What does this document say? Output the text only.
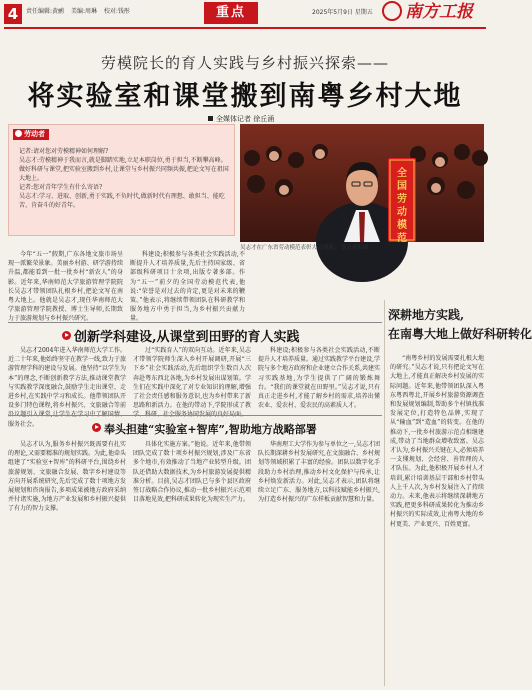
4	责任编辑:黄鹂 美编:周琳 校对:钱彤	重点	2025年5月9日 星期五	南方工报
劳模院长的育人实践与乡村振兴探索——
将实验室和课堂搬到南粤乡村大地
全媒体记者 徐丘涌
劳动者

记者:请对您对劳模精神如何理解?

吴志才:劳模精神于我而言,就是脚踏实地,立足本职岗位,勇于担当,不断攀高峰。做好科研与课堂,把实验室搬到乡村,让课堂与乡村振兴同频共振,把论文写在祖国大地上。

记者:您对青年学生有什么寄语?

吴志才:学习、进取、创新,勇于实践,不负时代,做新时代有理想、敢担当、能吃苦、肯奋斗的好青年。

全
国
劳
动
模
范
吴志才在广东省劳动模范表彰大会现场。 受访者供图

今年“五一”假期,广东各地文旅市场呈现一派繁荣景象。美丽乡村游、研学游持续升温,都能看到一批一批乡村“新农人”的身影。近年来,华南师范大学旅游管理学院院长吴志才带领团队扎根乡村,把论文写在南粤大地上。他就是吴志才,现任华南师范大学旅游管理学院教授、博士生导师,长期致力于旅游规划与乡村振兴研究。

科建设;积极参与各类社会实践活动,不断提升人才培养质量,先后主持国家级、省部级科研项目十余项,出版专著多部。作为“五一”前夕的全国劳动模范代表,他说:“荣誉是对过去的肯定,更是对未来的鞭策。”他表示,将继续带领团队在科研教学和服务地方中勇于担当,为乡村振兴贡献力量。

创新学科建设,从课堂到田野的育人实践

吴志才2004年进入华南师范大学工作。近二十年来,他始终坚守在教学一线,致力于旅游管理学科的建设与发展。他坚持“以学生为本”的理念,不断创新教学方法,推动课堂教学与实践教学深度融合,鼓励学生走出课堂、走进乡村,在实践中学习和成长。他带领团队开设多门特色课程,将乡村振兴、文旅融合等前 服务社会。

过“实践育人”的双向互动。近年来,吴志才带领学院师生深入乡村开展调研,开展“三下乡”社会实践活动,先后组织学生数百人次奔赴粤东西北各地,为乡村发展出谋划策。学生们在实践中深化了对专业知识的理解,增强了社会责任感和服务意识,也为乡村带来了新思路和新活力。在他的带动下,学院形成了教

科建设;积极参与各类社会实践活动,不断提升人才培养质量。通过实践教学平台建设,学院与多个地方政府和企业建立合作关系,共建实习实践基地,为学生提供了广阔的锻炼舞台。“我们的课堂就在田野里。”吴志才说,只有真正走进乡村,才能了解乡村的需求,培养出懂农业、爱农村、爱农民的高素质人才。

奉头担建“实验室+智库”,智助地方战略部署

吴志才认为,服务乡村振兴既需要有扎实的理论,又需要精准的规划实践。为此,他牵头组建了“实验室+智库”的科研平台,围绕乡村旅游规划、文旅融合发展、数字乡村建设等方向开展系统研究,先后完成了数十项地方发展规划和咨询报告,多项成果被地方政府采纳并付诸实施,为地方产业发展和乡村振兴提供了有力的智力支撑。

具体化实施方案。”他说。近年来,他带领团队完成了数十项乡村振兴规划,涉及广东省多个地市,有效推动了当地产业转型升级。团队还借助大数据技术,为乡村旅游发展提供精准分析。目前,吴志才团队已与多个县区政府签订战略合作协议,推动一批乡村振兴示范项目落地见效,把科研成果转化为现实生产力。

华南理工大学作为参与单位之一,吴志才团队长期深耕乡村发展研究,在文旅融合、乡村规划等领域积累了丰富的经验。团队以数字化手段助力乡村治理,推动乡村文化保护与传承,让乡村焕发新活力。对此,吴志才表示,团队将继续立足广东、服务地方,以科技赋能乡村振兴,为打造乡村振兴的广东样板贡献智慧和力量。

深耕地方实践,
在南粤大地上做好科研转化

“南粤乡村的发展需要扎根大地的研究。”吴志才说,只有把论文写在大地上,才能真正解决乡村发展的实际问题。近年来,他带领团队深入粤东粤西粤北,开展乡村旅游资源调查和发展规划编制,帮助多个村镇找准发展定位,打造特色品牌,实现了从“输血”到“造血”的转变。在他的推动下,一批乡村旅游示范点相继建成,带动了当地群众增收致富。吴志才认为,乡村振兴关键在人,必须培养一支懂规划、会经营、善管理的人才队伍。为此,他积极开展乡村人才培训,累计培训基层干部和乡村带头人上千人次,为乡村发展注入了持续动力。未来,他表示将继续深耕地方实践,把更多科研成果转化为推动乡村振兴的实际成效,让南粤大地的乡村更美、产业更兴、百姓更富。
